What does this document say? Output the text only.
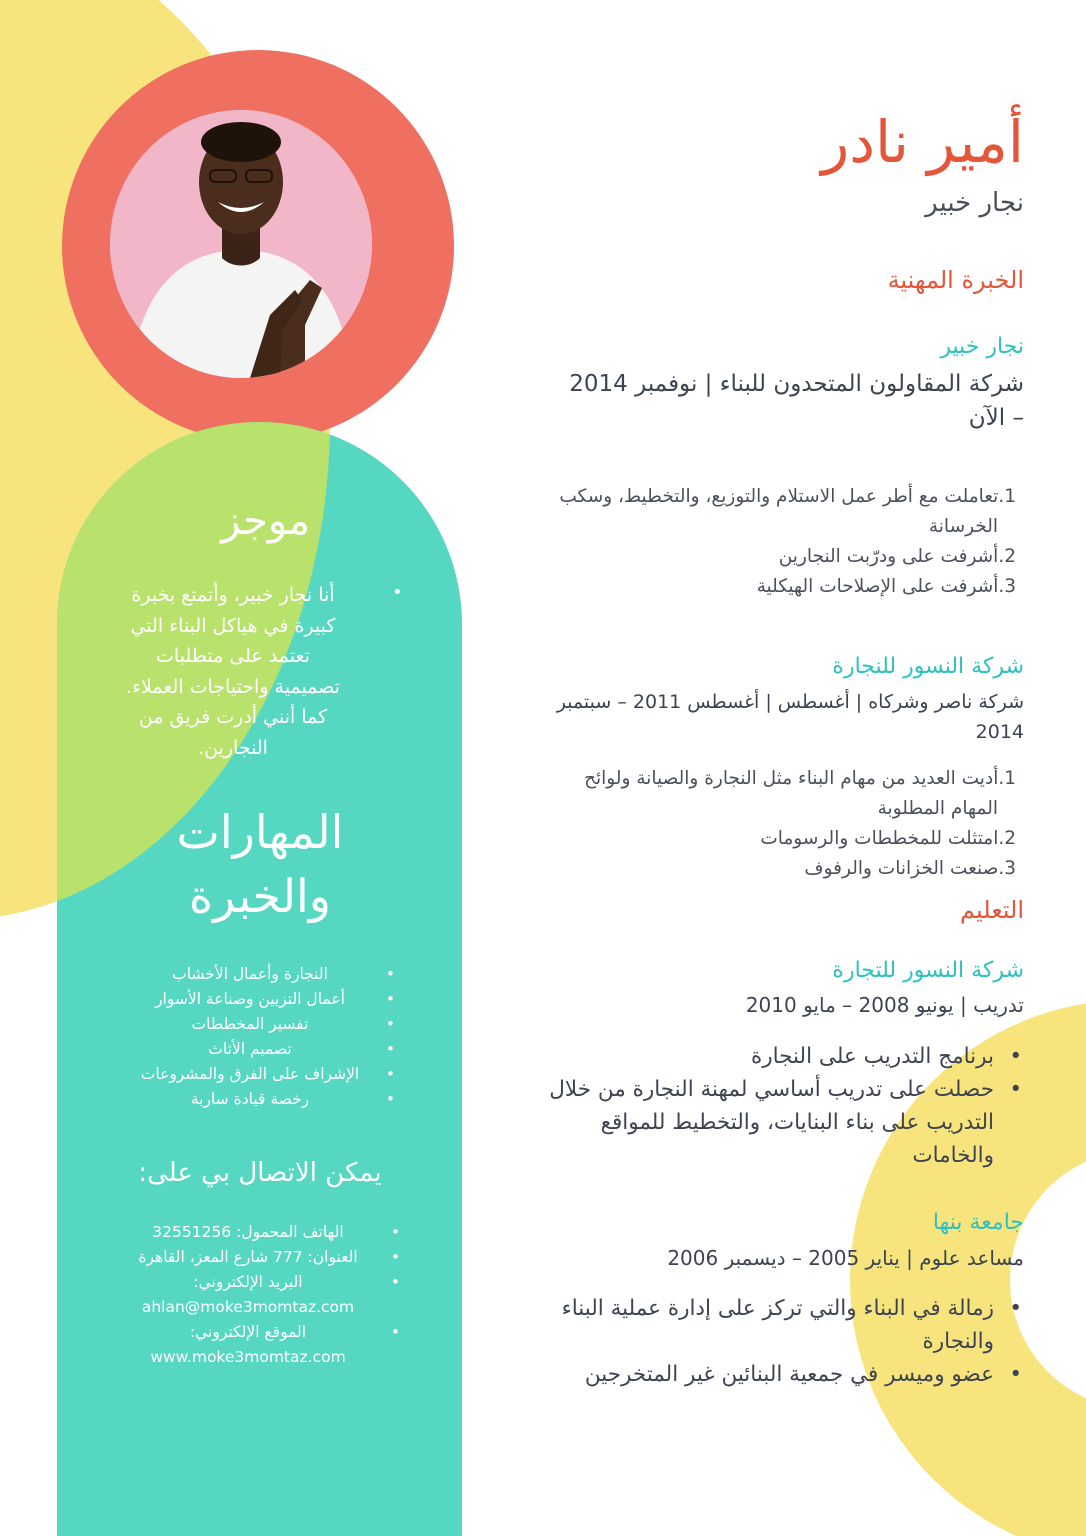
أمير نادر
نجار خبير
الخبرة المهنية
نجار خبير
شركة المقاولون المتحدون للبناء | نوفمبر 2014
– الآن
1.تعاملت مع أطر عمل الاستلام والتوزيع، والتخطيط، وسكب
الخرسانة
2.أشرفت على ودرّبت النجارين
3.أشرفت على الإصلاحات الهيكلية
شركة النسور للنجارة
شركة ناصر وشركاه | أغسطس | أغسطس 2011 – سبتمبر
2014
1.أديت العديد من مهام البناء مثل النجارة والصيانة ولوائح
المهام المطلوبة
2.امتثلت للمخططات والرسومات
3.صنعت الخزانات والرفوف
التعليم
شركة النسور للتجارة
تدريب | يونيو 2008 – مايو 2010
• برنامج التدريب على النجارة
• حصلت على تدريب أساسي لمهنة النجارة من خلال
التدريب على بناء البنايات، والتخطيط للمواقع
والخامات
جامعة بنها
مساعد علوم | يناير 2005 – ديسمبر 2006
• زمالة في البناء والتي تركز على إدارة عملية البناء
والنجارة
• عضو وميسر في جمعية البنائين غير المتخرجين
موجز
•
أنا نجار خبير، وأتمتع بخبرة
كبيرة في هياكل البناء التي
تعتمد على متطلبات
تصميمية واحتياجات العملاء.
كما أنني أدرت فريق من
النجارين.
المهارات
والخبرة
• النجارة وأعمال الأخشاب
• أعمال التزيين وصناعة الأسوار
• تفسير المخططات
• تصميم الأثاث
• الإشراف على الفرق والمشروعات
• رخصة قيادة سارية
يمكن الاتصال بي على:
• الهاتف المحمول: 32551256
• العنوان: 777 شارع المعز، القاهرة
• البريد الإلكتروني:
ahlan@moke3momtaz.com
• الموقع الإلكتروني:
www.moke3momtaz.com
